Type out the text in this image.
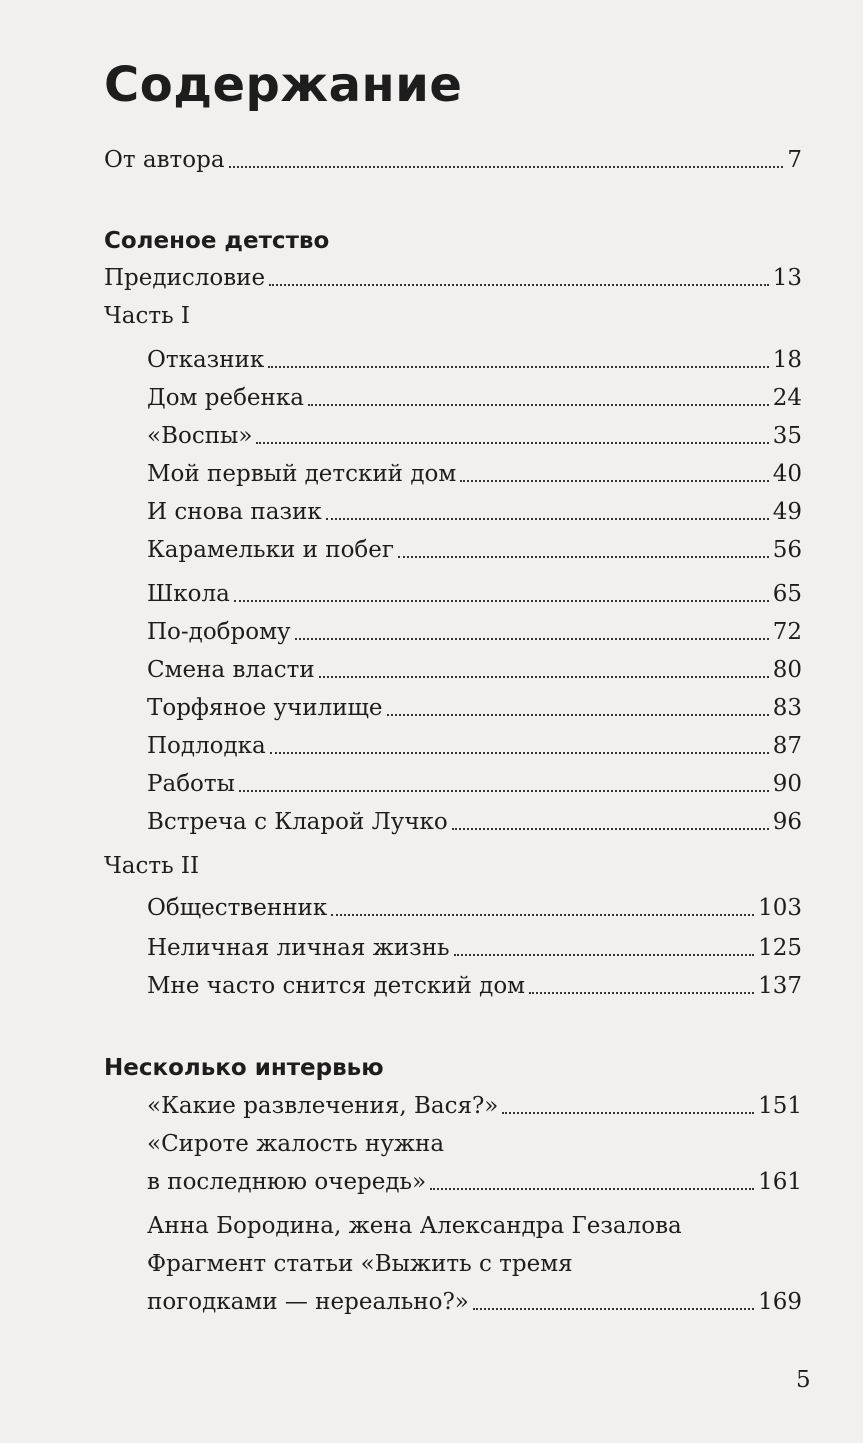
Содержание
От автора	7
Соленое детство
Предисловие	13
Часть I
Отказник	18
Дом ребенка	24
«Воспы»	35
Мой первый детский дом	40
И снова пазик	49
Карамельки и побег	56
Школа	65
По-доброму	72
Смена власти	80
Торфяное училище	83
Подлодка	87
Работы	90
Встреча с Кларой Лучко	96
Часть II
Общественник	103
Неличная личная жизнь	125
Мне часто снится детский дом	137
Несколько интервью
«Какие развлечения, Вася?»	151
«Сироте жалость нужна
в последнюю очередь»	161
Анна Бородина, жена Александра Гезалова
Фрагмент статьи «Выжить с тремя
погодками — нереально?»	169
5
